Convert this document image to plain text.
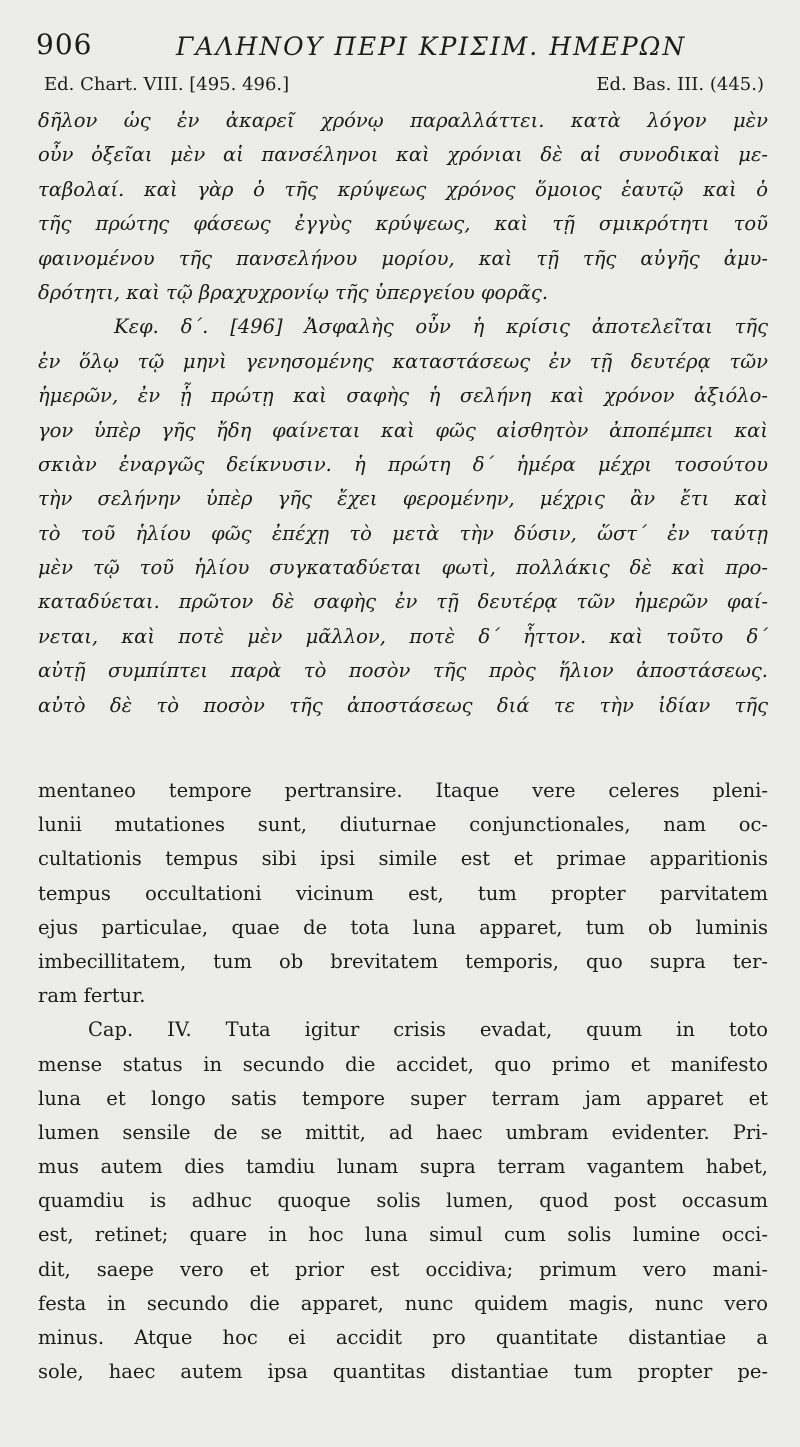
906	ΓΑΛΗΝΟΥ ΠΕΡΙ ΚΡΙΣΙΜ. ΗΜΕΡΩΝ
Ed. Chart. VIII. [495. 496.]	Ed. Bas. III. (445.)
δῆλον ὡς ἐν ἀκαρεῖ χρόνῳ παραλλάττει. κατὰ λόγον μὲν
οὖν ὀξεῖαι μὲν αἱ πανσέληνοι καὶ χρόνιαι δὲ αἱ συνοδικαὶ με-
ταβολαί. καὶ γὰρ ὁ τῆς κρύψεως χρόνος ὅμοιος ἑαυτῷ καὶ ὁ
τῆς πρώτης φάσεως ἐγγὺς κρύψεως, καὶ τῇ σμικρότητι τοῦ
φαινομένου τῆς πανσελήνου μορίου, καὶ τῇ τῆς αὐγῆς ἀμυ-
δρότητι, καὶ τῷ βραχυχρονίῳ τῆς ὑπεργείου φορᾶς.
Κεφ. δ΄. [496] Ἀσφαλὴς οὖν ἡ κρίσις ἀποτελεῖται τῆς
ἐν ὅλῳ τῷ μηνὶ γενησομένης καταστάσεως ἐν τῇ δευτέρᾳ τῶν
ἡμερῶν, ἐν ᾗ πρώτῃ καὶ σαφὴς ἡ σελήνη καὶ χρόνον ἀξιόλο-
γον ὑπὲρ γῆς ἤδη φαίνεται καὶ φῶς αἰσθητὸν ἀποπέμπει καὶ
σκιὰν ἐναργῶς δείκνυσιν. ἡ πρώτη δ΄ ἡμέρα μέχρι τοσούτου
τὴν σελήνην ὑπὲρ γῆς ἔχει φερομένην, μέχρις ἂν ἔτι καὶ
τὸ τοῦ ἡλίου φῶς ἐπέχῃ τὸ μετὰ τὴν δύσιν, ὥστ΄ ἐν ταύτῃ
μὲν τῷ τοῦ ἡλίου συγκαταδύεται φωτὶ, πολλάκις δὲ καὶ προ-
καταδύεται. πρῶτον δὲ σαφὴς ἐν τῇ δευτέρᾳ τῶν ἡμερῶν φαί-
νεται, καὶ ποτὲ μὲν μᾶλλον, ποτὲ δ΄ ἧττον. καὶ τοῦτο δ΄
αὐτῇ συμπίπτει παρὰ τὸ ποσὸν τῆς πρὸς ἥλιον ἀποστάσεως.
αὐτὸ δὲ τὸ ποσὸν τῆς ἀποστάσεως διά τε τὴν ἰδίαν τῆς
mentaneo tempore pertransire. Itaque vere celeres pleni-
lunii mutationes sunt, diuturnae conjunctionales, nam oc-
cultationis tempus sibi ipsi simile est et primae apparitionis
tempus occultationi vicinum est, tum propter parvitatem
ejus particulae, quae de tota luna apparet, tum ob luminis
imbecillitatem, tum ob brevitatem temporis, quo supra ter-
ram fertur.
Cap. IV. Tuta igitur crisis evadat, quum in toto
mense status in secundo die accidet, quo primo et manifesto
luna et longo satis tempore super terram jam apparet et
lumen sensile de se mittit, ad haec umbram evidenter. Pri-
mus autem dies tamdiu lunam supra terram vagantem habet,
quamdiu is adhuc quoque solis lumen, quod post occasum
est, retinet; quare in hoc luna simul cum solis lumine occi-
dit, saepe vero et prior est occidiva; primum vero mani-
festa in secundo die apparet, nunc quidem magis, nunc vero
minus. Atque hoc ei accidit pro quantitate distantiae a
sole, haec autem ipsa quantitas distantiae tum propter pe-
